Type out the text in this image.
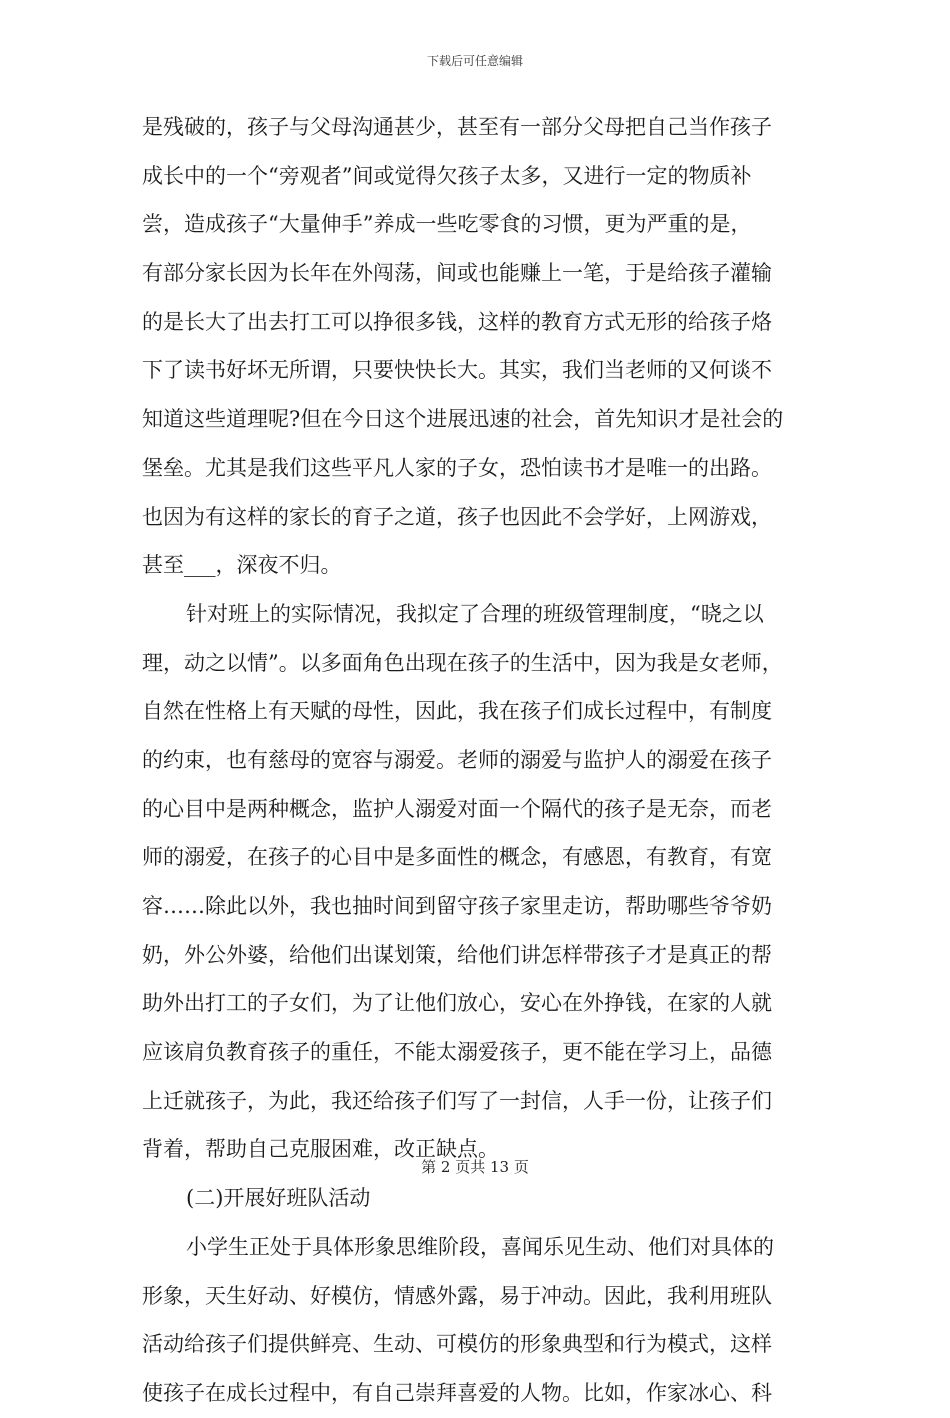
下载后可任意编辑
是残破的，孩子与父母沟通甚少，甚至有一部分父母把自己当作孩子
成长中的一个“旁观者”间或觉得欠孩子太多，又进行一定的物质补
尝，造成孩子“大量伸手”养成一些吃零食的习惯，更为严重的是，
有部分家长因为长年在外闯荡，间或也能赚上一笔，于是给孩子灌输
的是长大了出去打工可以挣很多钱，这样的教育方式无形的给孩子烙
下了读书好坏无所谓，只要快快长大。其实，我们当老师的又何谈不
知道这些道理呢?但在今日这个进展迅速的社会，首先知识才是社会的
堡垒。尤其是我们这些平凡人家的子女，恐怕读书才是唯一的出路。
也因为有这样的家长的育子之道，孩子也因此不会学好，上网游戏，
甚至___，深夜不归。
针对班上的实际情况，我拟定了合理的班级管理制度，“晓之以
理，动之以情”。以多面角色出现在孩子的生活中，因为我是女老师，
自然在性格上有天赋的母性，因此，我在孩子们成长过程中，有制度
的约束，也有慈母的宽容与溺爱。老师的溺爱与监护人的溺爱在孩子
的心目中是两种概念，监护人溺爱对面一个隔代的孩子是无奈，而老
师的溺爱，在孩子的心目中是多面性的概念，有感恩，有教育，有宽
容……除此以外，我也抽时间到留守孩子家里走访，帮助哪些爷爷奶
奶，外公外婆，给他们出谋划策，给他们讲怎样带孩子才是真正的帮
助外出打工的子女们，为了让他们放心，安心在外挣钱，在家的人就
应该肩负教育孩子的重任，不能太溺爱孩子，更不能在学习上，品德
上迁就孩子，为此，我还给孩子们写了一封信，人手一份，让孩子们
背着，帮助自己克服困难，改正缺点。
(二)开展好班队活动
小学生正处于具体形象思维阶段，喜闻乐见生动、他们对具体的
形象，天生好动、好模仿，情感外露，易于冲动。因此，我利用班队
活动给孩子们提供鲜亮、生动、可模仿的形象典型和行为模式，这样
使孩子在成长过程中，有自己崇拜喜爱的人物。比如，作家冰心、科
第 2 页共 13 页
